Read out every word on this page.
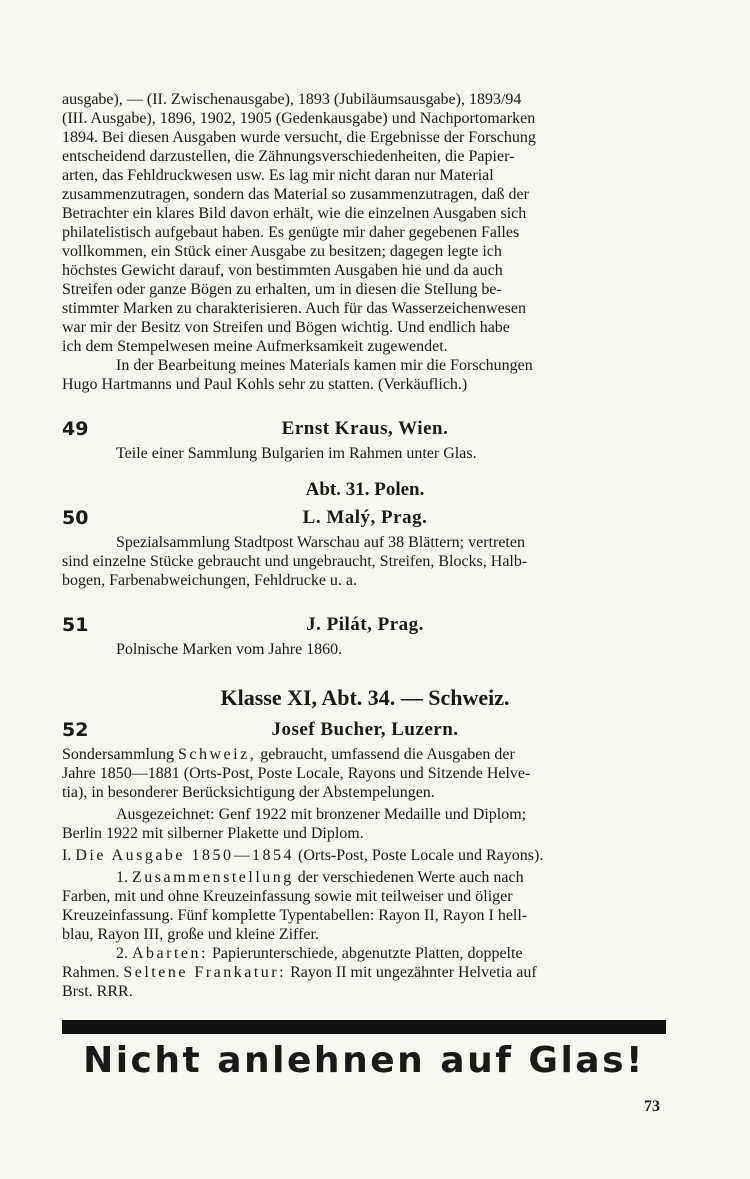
ausgabe), — (II. Zwischenausgabe), 1893 (Jubiläumsausgabe), 1893/94

(III. Ausgabe), 1896, 1902, 1905 (Gedenkausgabe) und Nachportomarken

1894. Bei diesen Ausgaben wurde versucht, die Ergebnisse der Forschung

entscheidend darzustellen, die Zähnungsverschiedenheiten, die Papier-

arten, das Fehldruckwesen usw. Es lag mir nicht daran nur Material

zusammenzutragen, sondern das Material so zusammenzutragen, daß der

Betrachter ein klares Bild davon erhält, wie die einzelnen Ausgaben sich

philatelistisch aufgebaut haben. Es genügte mir daher gegebenen Falles

vollkommen, ein Stück einer Ausgabe zu besitzen; dagegen legte ich

höchstes Gewicht darauf, von bestimmten Ausgaben hie und da auch

Streifen oder ganze Bögen zu erhalten, um in diesen die Stellung be-

stimmter Marken zu charakterisieren. Auch für das Wasserzeichenwesen

war mir der Besitz von Streifen und Bögen wichtig. Und endlich habe

ich dem Stempelwesen meine Aufmerksamkeit zugewendet.

In der Bearbeitung meines Materials kamen mir die Forschungen

Hugo Hartmanns und Paul Kohls sehr zu statten. (Verkäuflich.)

49	Ernst Kraus, Wien.

Teile einer Sammlung Bulgarien im Rahmen unter Glas.

Abt. 31. Polen.
50	L. Malý, Prag.

Spezialsammlung Stadtpost Warschau auf 38 Blättern; vertreten

sind einzelne Stücke gebraucht und ungebraucht, Streifen, Blocks, Halb-

bogen, Farbenabweichungen, Fehldrucke u. a.

51	J. Pilát, Prag.

Polnische Marken vom Jahre 1860.

Klasse XI, Abt. 34. — Schweiz.
52	Josef Bucher, Luzern.

Sondersammlung Schweiz, gebraucht, umfassend die Ausgaben der

Jahre 1850—1881 (Orts-Post, Poste Locale, Rayons und Sitzende Helve-

tia), in besonderer Berücksichtigung der Abstempelungen.

Ausgezeichnet: Genf 1922 mit bronzener Medaille und Diplom;

Berlin 1922 mit silberner Plakette und Diplom.

I. Die Ausgabe 1850—1854 (Orts-Post, Poste Locale und Rayons).

1. Zusammenstellung der verschiedenen Werte auch nach

Farben, mit und ohne Kreuzeinfassung sowie mit teilweiser und öliger

Kreuzeinfassung. Fünf komplette Typentabellen: Rayon II, Rayon I hell-

blau, Rayon III, große und kleine Ziffer.

2. Abarten: Papierunterschiede, abgenutzte Platten, doppelte

Rahmen. Seltene Frankatur: Rayon II mit ungezähnter Helvetia auf

Brst. RRR.

Nicht anlehnen auf Glas!
73
